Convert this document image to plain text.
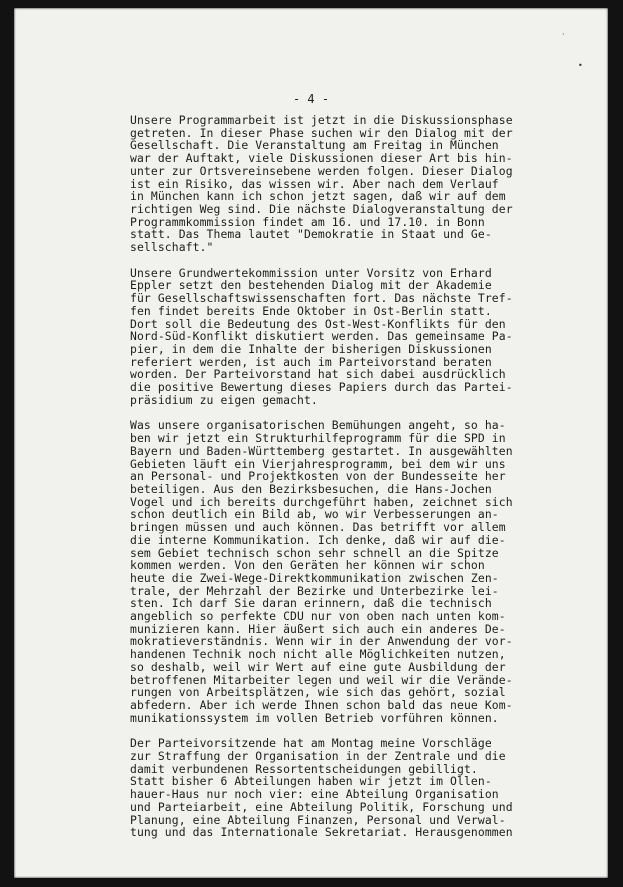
•
·
- 4 -

Unsere Programmarbeit ist jetzt in die Diskussionsphase
getreten. In dieser Phase suchen wir den Dialog mit der
Gesellschaft. Die Veranstaltung am Freitag in München
war der Auftakt, viele Diskussionen dieser Art bis hin-
unter zur Ortsvereinsebene werden folgen. Dieser Dialog
ist ein Risiko, das wissen wir. Aber nach dem Verlauf
in München kann ich schon jetzt sagen, daß wir auf dem
richtigen Weg sind. Die nächste Dialogveranstaltung der
Programmkommission findet am 16. und 17.10. in Bonn
statt. Das Thema lautet "Demokratie in Staat und Ge-
sellschaft."

Unsere Grundwertekommission unter Vorsitz von Erhard
Eppler setzt den bestehenden Dialog mit der Akademie
für Gesellschaftswissenschaften fort. Das nächste Tref-
fen findet bereits Ende Oktober in Ost-Berlin statt.
Dort soll die Bedeutung des Ost-West-Konflikts für den
Nord-Süd-Konflikt diskutiert werden. Das gemeinsame Pa-
pier, in dem die Inhalte der bisherigen Diskussionen
referiert werden, ist auch im Parteivorstand beraten
worden. Der Parteivorstand hat sich dabei ausdrücklich
die positive Bewertung dieses Papiers durch das Partei-
präsidium zu eigen gemacht.

Was unsere organisatorischen Bemühungen angeht, so ha-
ben wir jetzt ein Strukturhilfeprogramm für die SPD in
Bayern und Baden-Württemberg gestartet. In ausgewählten
Gebieten läuft ein Vierjahresprogramm, bei dem wir uns
an Personal- und Projektkosten von der Bundesseite her
beteiligen. Aus den Bezirksbesuchen, die Hans-Jochen
Vogel und ich bereits durchgeführt haben, zeichnet sich
schon deutlich ein Bild ab, wo wir Verbesserungen an-
bringen müssen und auch können. Das betrifft vor allem
die interne Kommunikation. Ich denke, daß wir auf die-
sem Gebiet technisch schon sehr schnell an die Spitze
kommen werden. Von den Geräten her können wir schon
heute die Zwei-Wege-Direktkommunikation zwischen Zen-
trale, der Mehrzahl der Bezirke und Unterbezirke lei-
sten. Ich darf Sie daran erinnern, daß die technisch
angeblich so perfekte CDU nur von oben nach unten kom-
munizieren kann. Hier äußert sich auch ein anderes De-
mokratieverständnis. Wenn wir in der Anwendung der vor-
handenen Technik noch nicht alle Möglichkeiten nutzen,
so deshalb, weil wir Wert auf eine gute Ausbildung der
betroffenen Mitarbeiter legen und weil wir die Verände-
rungen von Arbeitsplätzen, wie sich das gehört, sozial
abfedern. Aber ich werde Ihnen schon bald das neue Kom-
munikationssystem im vollen Betrieb vorführen können.

Der Parteivorsitzende hat am Montag meine Vorschläge
zur Straffung der Organisation in der Zentrale und die
damit verbundenen Ressortentscheidungen gebilligt.
Statt bisher 6 Abteilungen haben wir jetzt im Ollen-
hauer-Haus nur noch vier: eine Abteilung Organisation
und Parteiarbeit, eine Abteilung Politik, Forschung und
Planung, eine Abteilung Finanzen, Personal und Verwal-
tung und das Internationale Sekretariat. Herausgenommen
